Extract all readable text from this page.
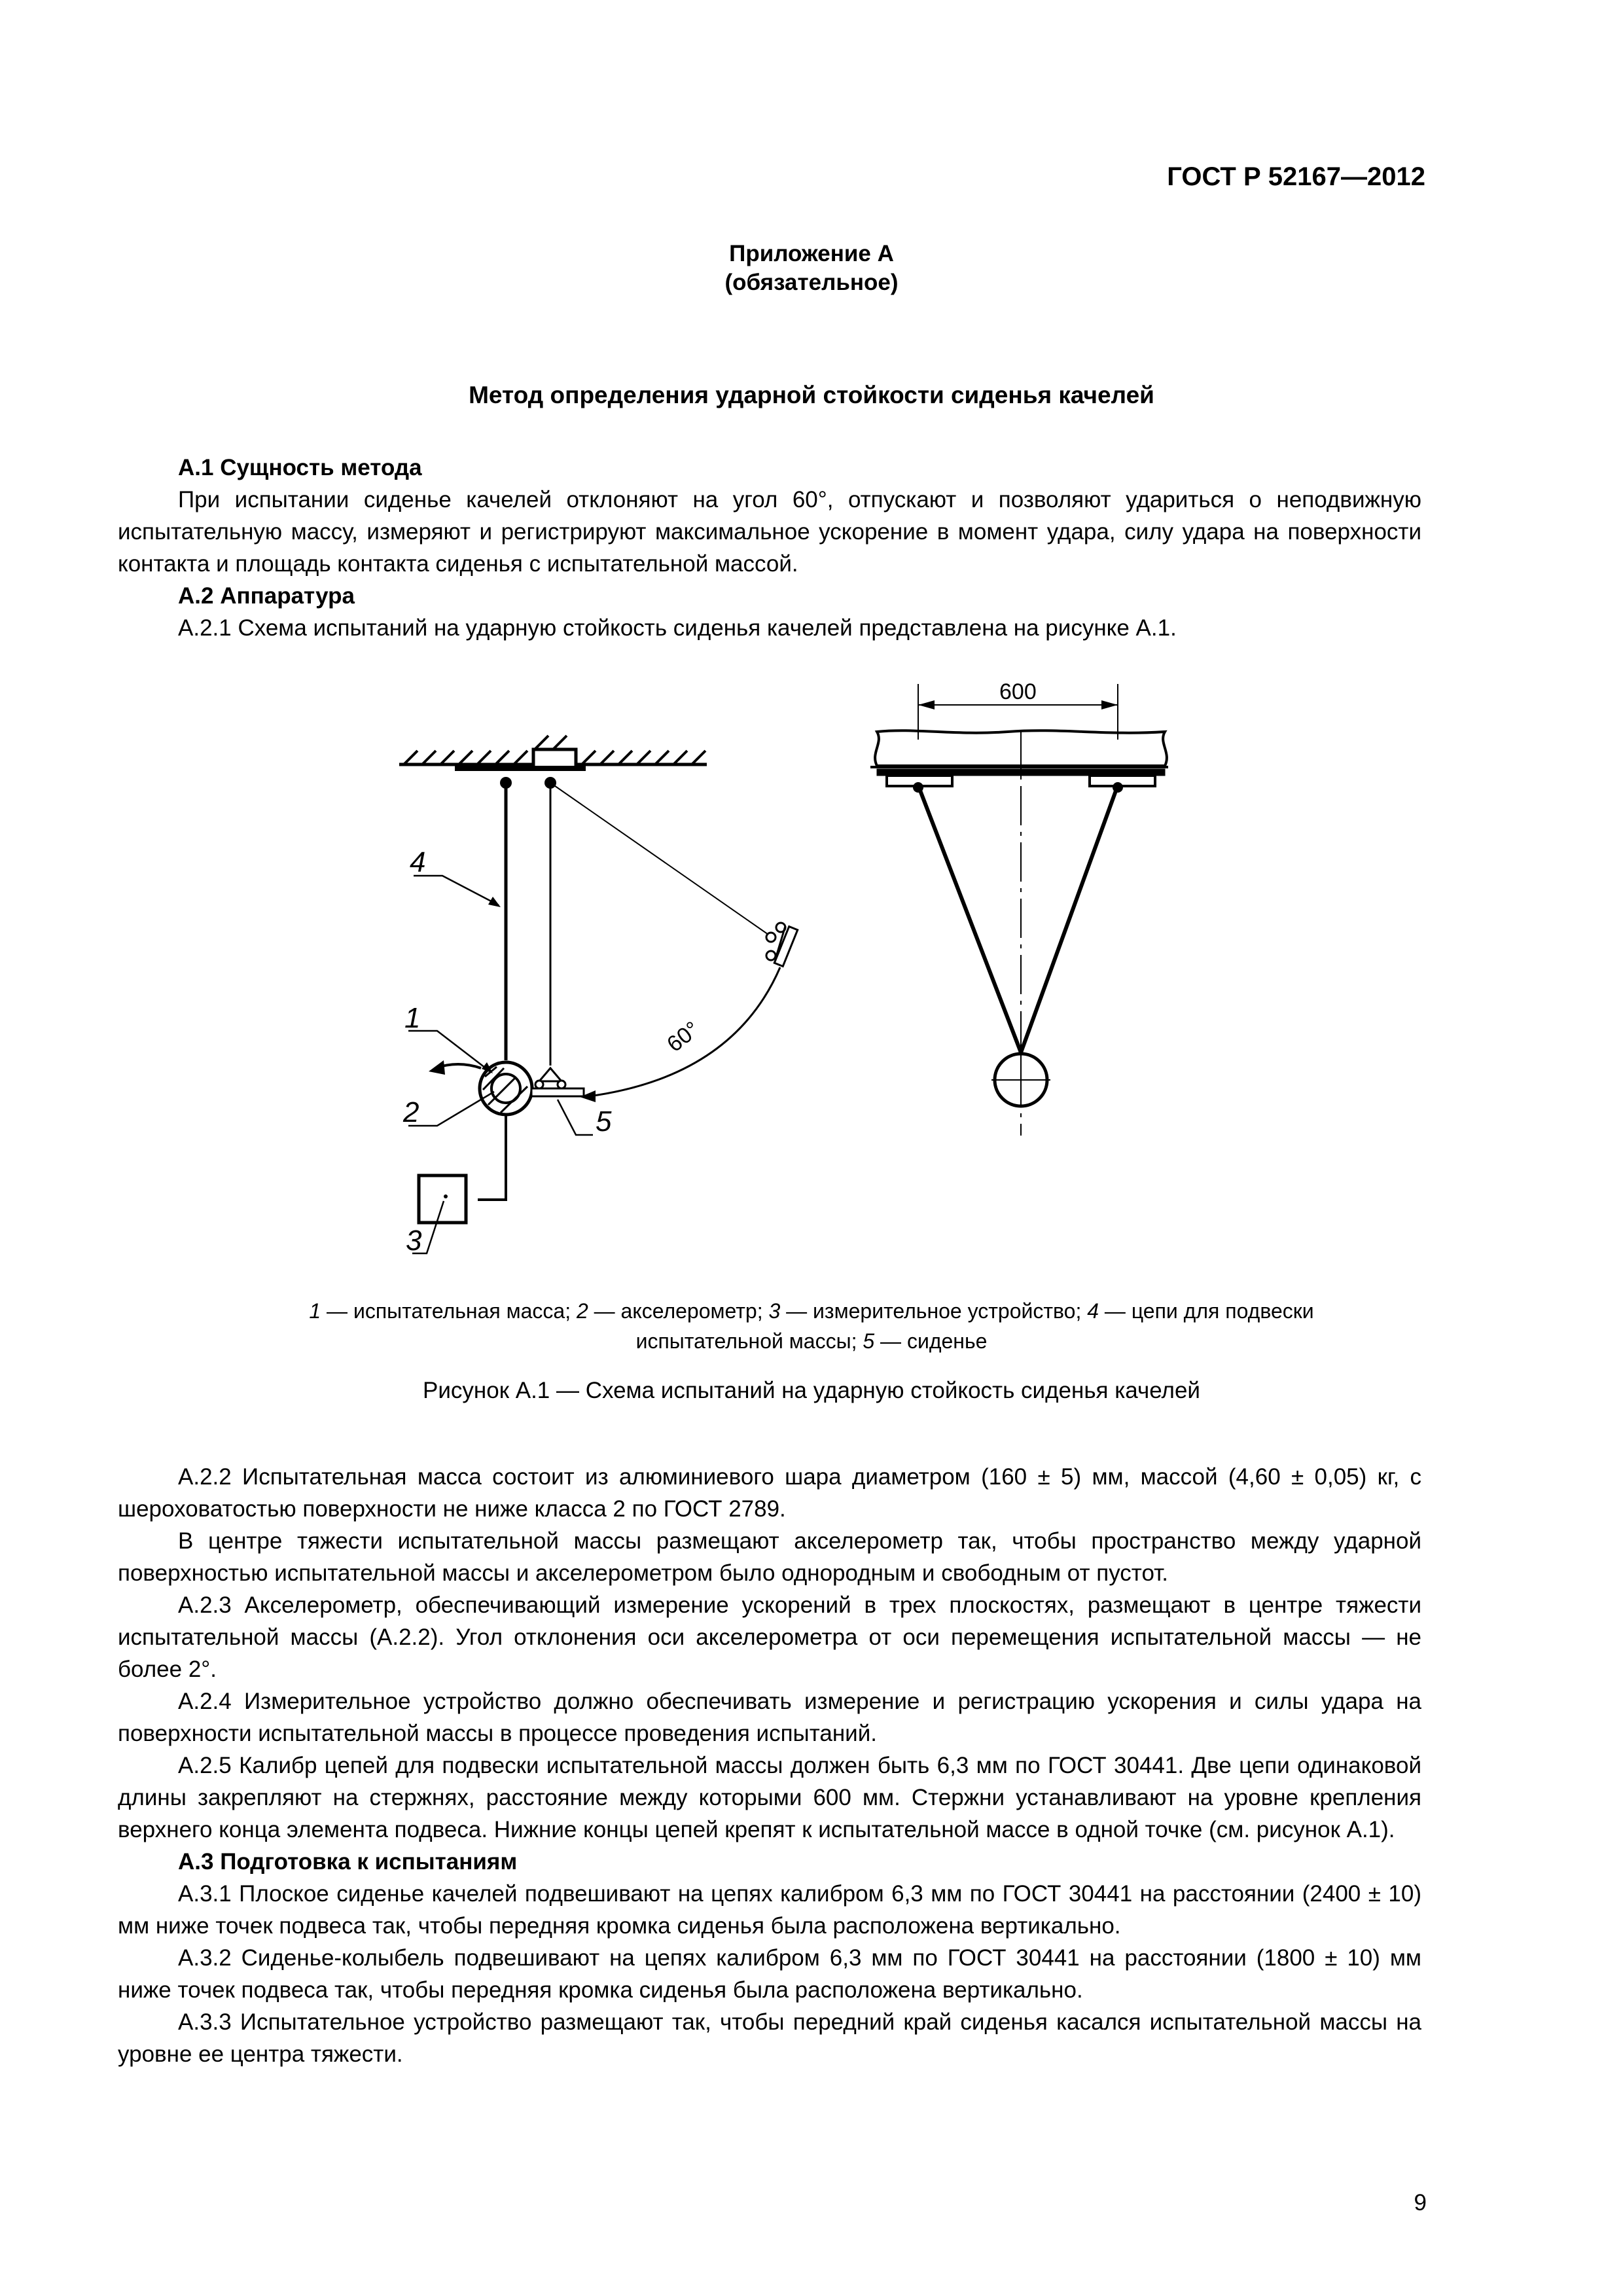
ГОСТ Р 52167—2012
Приложение А
(обязательное)
Метод определения ударной стойкости сиденья качелей

А.1 Сущность метода

При испытании сиденье качелей отклоняют на угол 60°, отпускают и позволяют удариться о неподвижную испытательную массу, измеряют и регистрируют максимальное ускорение в момент удара, силу удара на поверхности контакта и площадь контакта сиденья с испытательной массой.

А.2 Аппаратура

А.2.1 Схема испытаний на ударную стойкость сиденья качелей представлена на рисунке А.1.

60°
4
1
2
3
5
600
1 — испытательная масса; 2 — акселерометр; 3 — измерительное устройство; 4 — цепи для подвески
испытательной массы; 5 — сиденье
Рисунок А.1 — Схема испытаний на ударную стойкость сиденья качелей

А.2.2 Испытательная масса состоит из алюминиевого шара диаметром (160 ± 5) мм, массой (4,60 ± 0,05) кг, с шероховатостью поверхности не ниже класса 2 по ГОСТ 2789.

В центре тяжести испытательной массы размещают акселерометр так, чтобы пространство между ударной поверхностью испытательной массы и акселерометром было однородным и свободным от пустот.

А.2.3 Акселерометр, обеспечивающий измерение ускорений в трех плоскостях, размещают в центре тяжести испытательной массы (А.2.2). Угол отклонения оси акселерометра от оси перемещения испытательной массы — не более 2°.

А.2.4 Измерительное устройство должно обеспечивать измерение и регистрацию ускорения и силы удара на поверхности испытательной массы в процессе проведения испытаний.

А.2.5 Калибр цепей для подвески испытательной массы должен быть 6,3 мм по ГОСТ 30441. Две цепи одинаковой длины закрепляют на стержнях, расстояние между которыми 600 мм. Стержни устанавливают на уровне крепления верхнего конца элемента подвеса. Нижние концы цепей крепят к испытательной массе в одной точке (см. рисунок А.1).

А.3 Подготовка к испытаниям

А.3.1 Плоское сиденье качелей подвешивают на цепях калибром 6,3 мм по ГОСТ 30441 на расстоянии (2400 ± 10) мм ниже точек подвеса так, чтобы передняя кромка сиденья была расположена вертикально.

А.3.2 Сиденье-колыбель подвешивают на цепях калибром 6,3 мм по ГОСТ 30441 на расстоянии (1800 ± 10) мм ниже точек подвеса так, чтобы передняя кромка сиденья была расположена вертикально.

А.3.3 Испытательное устройство размещают так, чтобы передний край сиденья касался испытательной массы на уровне ее центра тяжести.

9
